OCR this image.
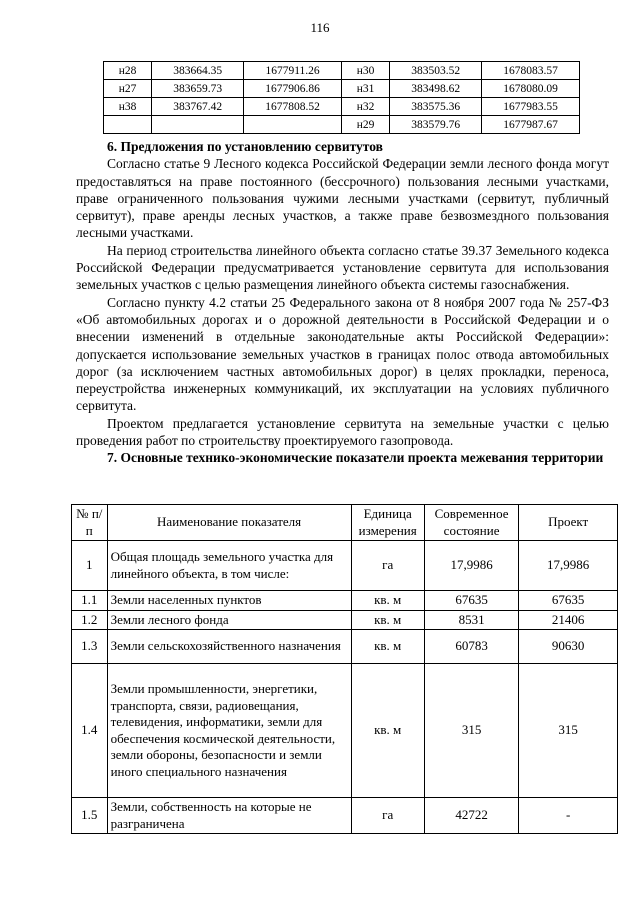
116
н28	383664.35	1677911.26	н30	383503.52	1678083.57
н27	383659.73	1677906.86	н31	383498.62	1678080.09
н38	383767.42	1677808.52	н32	383575.36	1677983.55
			н29	383579.76	1677987.67

6. Предложения по установлению сервитутов

Согласно статье 9 Лесного кодекса Российской Федерации земли лесного фонда могут предоставляться на праве постоянного (бессрочного) пользования лесными участками, праве ограниченного пользования чужими лесными участками (сервитут, публичный сервитут), праве аренды лесных участков, а также праве безвозмездного пользования лесными участками.

На период строительства линейного объекта согласно статье 39.37 Земельного кодекса Российской Федерации предусматривается установление сервитута для использования земельных участков с целью размещения линейного объекта системы газоснабжения.

Согласно пункту 4.2 статьи 25 Федерального закона от 8 ноября 2007 года № 257-ФЗ «Об автомобильных дорогах и о дорожной деятельности в Российской Федерации и о внесении изменений в отдельные законодательные акты Российской Федерации»: допускается использование земельных участков в границах полос отвода автомобильных дорог (за исключением частных автомобильных дорог) в целях прокладки, переноса, переустройства инженерных коммуникаций, их эксплуатации на условиях публичного сервитута.

Проектом предлагается установление сервитута на земельные участки с целью проведения работ по строительству проектируемого газопровода.

7. Основные технико-экономические показатели проекта межевания территории

№ п/п	Наименование показателя	Единица измерения	Современное состояние	Проект
1	Общая площадь земельного участка для линейного объекта, в том числе:	га	17,9986	17,9986
1.1	Земли населенных пунктов	кв. м	67635	67635
1.2	Земли лесного фонда	кв. м	8531	21406
1.3	Земли сельскохозяйственного назначения	кв. м	60783	90630
1.4	Земли промышленности, энергетики, транспорта, связи, радиовещания, телевидения, информатики, земли для обеспечения космической деятельности, земли обороны, безопасности и земли иного специального назначения	кв. м	315	315
1.5	Земли, собственность на которые не разграничена	га	42722	-
